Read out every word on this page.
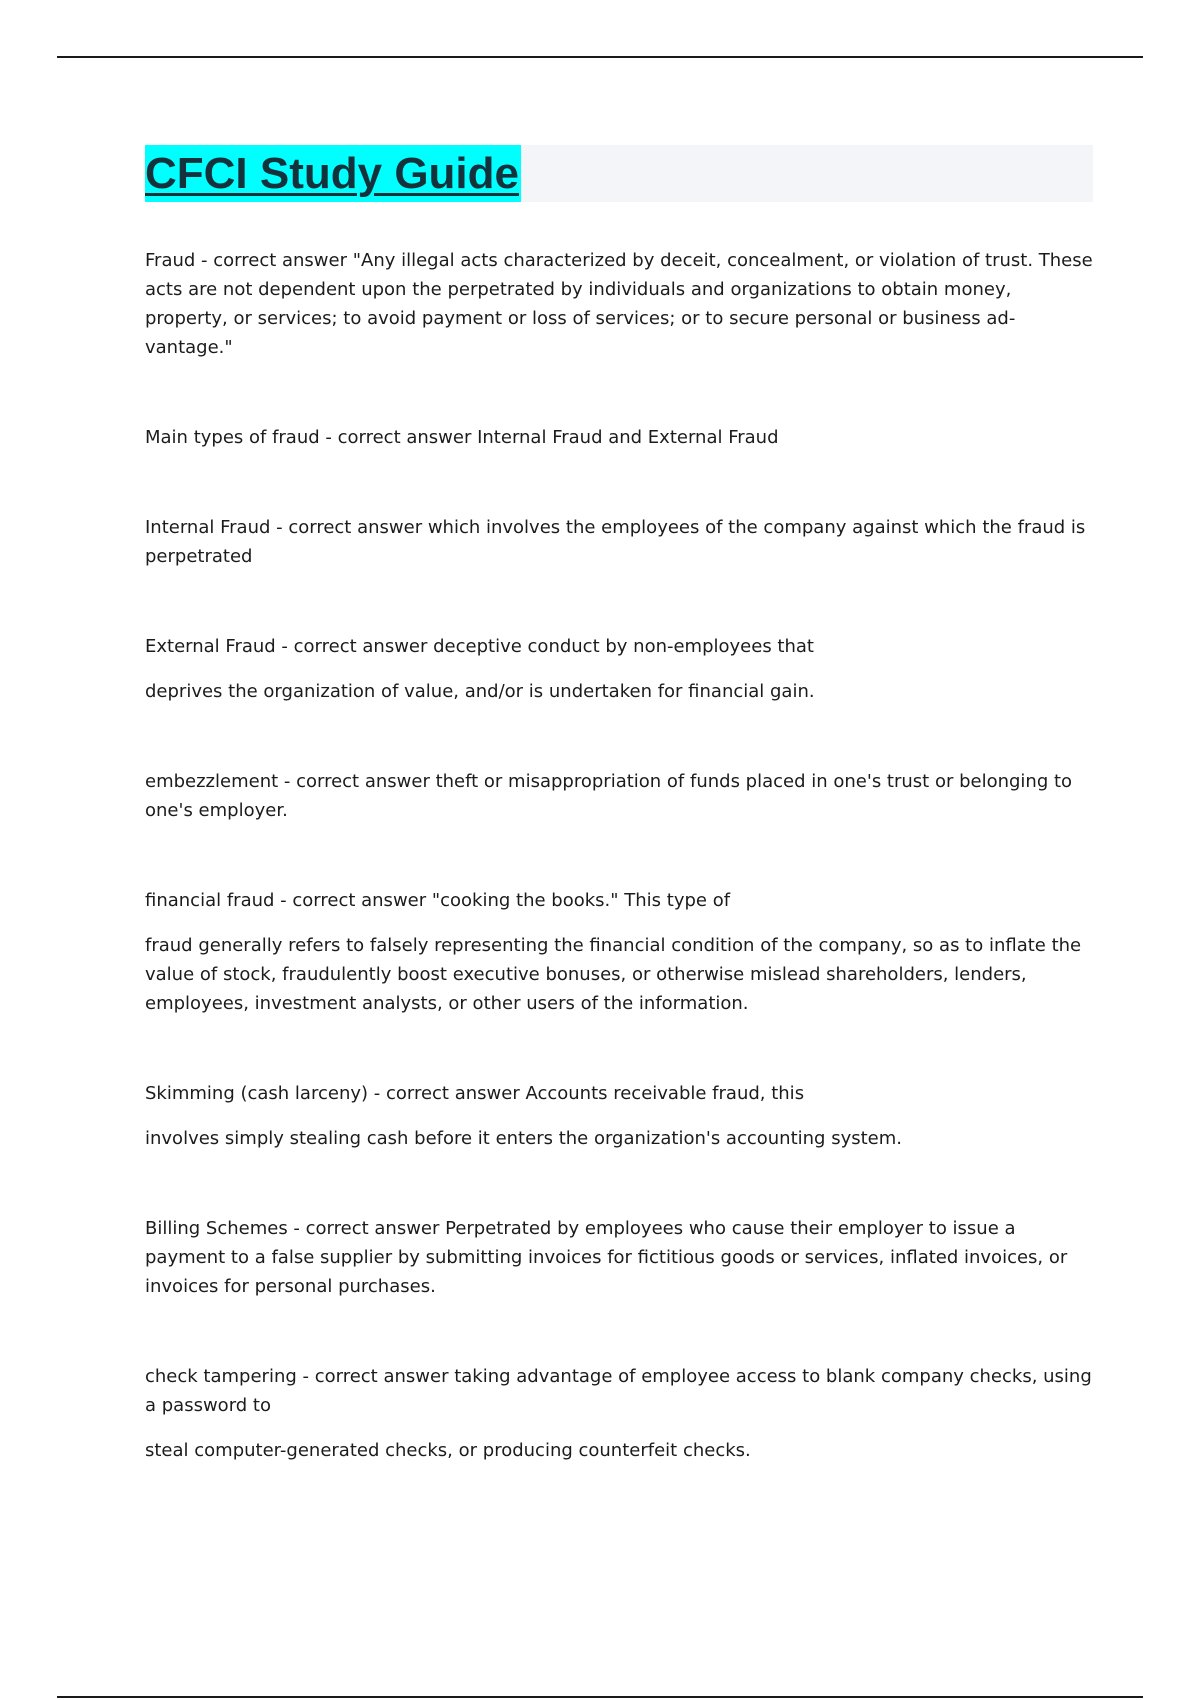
CFCI Study Guide

Fraud - correct answer "Any illegal acts characterized by deceit, concealment, or violation of trust. These acts are not dependent upon the perpetrated by individuals and organizations to obtain money, property, or services; to avoid payment or loss of services; or to secure personal or business ad-vantage."

Main types of fraud - correct answer Internal Fraud and External Fraud

Internal Fraud - correct answer which involves the employees of the company against which the fraud is perpetrated

External Fraud - correct answer deceptive conduct by non-employees that

deprives the organization of value, and/or is undertaken for financial gain.

embezzlement - correct answer theft or misappropriation of funds placed in one's trust or belonging to one's employer.

financial fraud - correct answer "cooking the books." This type of

fraud generally refers to falsely representing the financial condition of the company, so as to inflate the value of stock, fraudulently boost executive bonuses, or otherwise mislead shareholders, lenders, employees, investment analysts, or other users of the information.

Skimming (cash larceny) - correct answer Accounts receivable fraud, this

involves simply stealing cash before it enters the organization's accounting system.

Billing Schemes - correct answer Perpetrated by employees who cause their employer to issue a payment to a false supplier by submitting invoices for fictitious goods or services, inflated invoices, or invoices for personal purchases.

check tampering - correct answer taking advantage of employee access to blank company checks, using a password to

steal computer-generated checks, or producing counterfeit checks.
